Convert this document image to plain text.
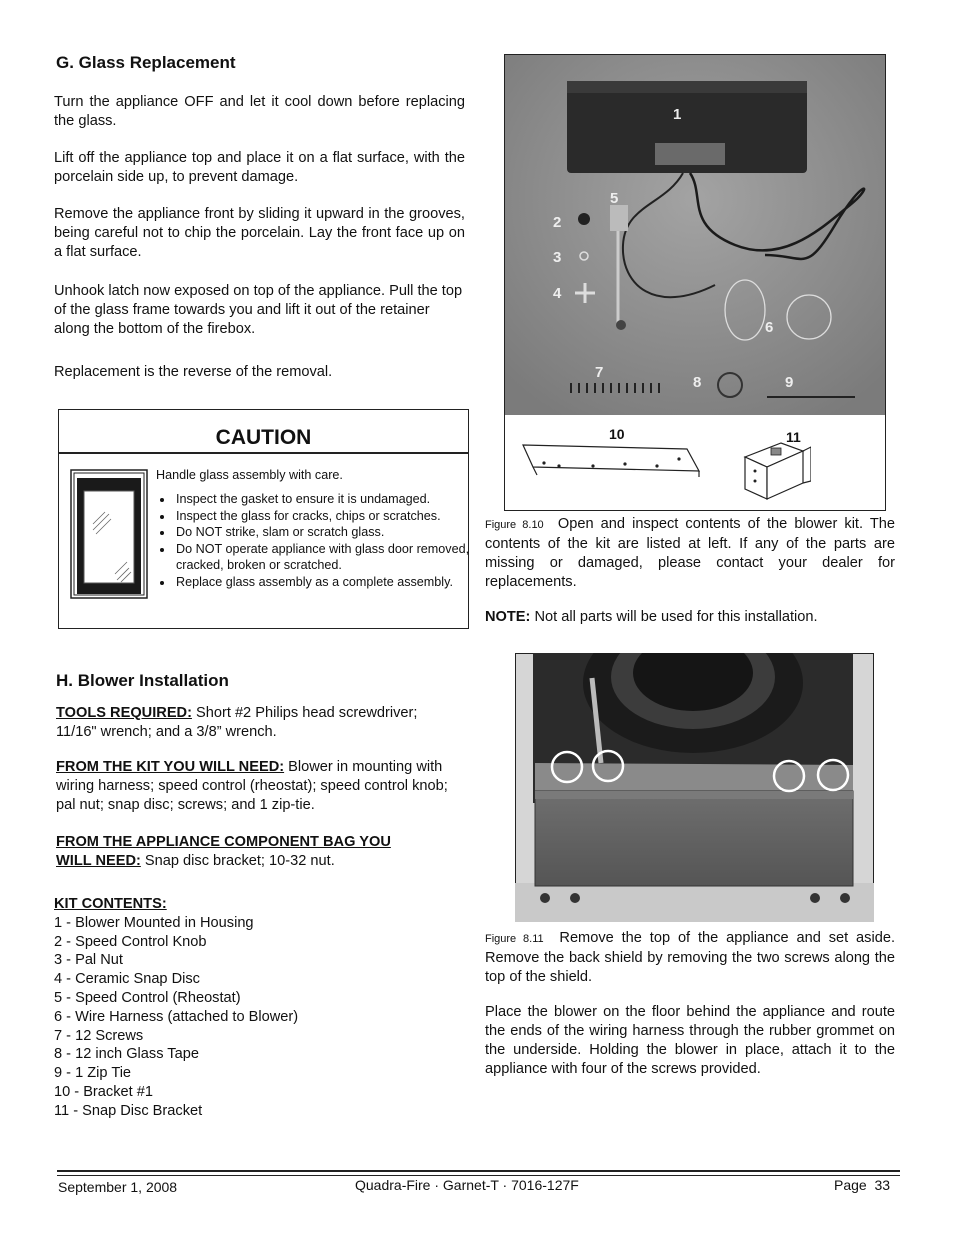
G. Glass Replacement
Turn the appliance OFF and let it cool down before replacing the glass.
Lift off the appliance top and place it on a flat surface, with the porcelain side up, to prevent damage.
Remove the appliance front by sliding it upward in the grooves, being careful not to chip the porcelain. Lay the front face up on a flat surface.
Unhook latch now exposed on top of the appliance. Pull the top of the glass frame towards you and lift it out of the retainer along the bottom of the firebox.
Replacement is the reverse of the removal.
CAUTION
Handle glass assembly with care.
• Inspect the gasket to ensure it is undamaged.
• Inspect the glass for cracks, chips or scratches.
• Do NOT strike, slam or scratch glass.
• Do NOT operate appliance with glass door removed, cracked, broken or scratched.
• Replace glass assembly as a complete assembly.
1
2
3
4
5
6
7
8	9
10	11
Figure 8.10 Open and inspect contents of the blower kit. The contents of the kit are listed at left. If any of the parts are missing or damaged, please contact your dealer for replacements.
NOTE: Not all parts will be used for this installation.
H. Blower Installation
TOOLS REQUIRED: Short #2 Philips head screwdriver; 11/16" wrench; and a 3/8” wrench.
FROM THE KIT YOU WILL NEED: Blower in mounting with wiring harness; speed control (rheostat); speed control knob; pal nut; snap disc; screws; and 1 zip-tie.
FROM THE APPLIANCE COMPONENT BAG YOU
WILL NEED: Snap disc bracket; 10-32 nut.
KIT CONTENTS:
1 - Blower Mounted in Housing
2 - Speed Control Knob
3 - Pal Nut
4 - Ceramic Snap Disc
5 - Speed Control (Rheostat)
6 - Wire Harness (attached to Blower)
7 - 12 Screws
8 - 12 inch Glass Tape
9 - 1 Zip Tie
10 - Bracket #1
11 - Snap Disc Bracket
Figure 8.11 Remove the top of the appliance and set aside. Remove the back shield by removing the two screws along the top of the shield.
Place the blower on the floor behind the appliance and route the ends of the wiring harness through the rubber grommet on the underside. Holding the blower in place, attach it to the appliance with four of the screws provided.
September 1, 2008	Quadra-Fire · Garnet-T · 7016-127F	Page  33
